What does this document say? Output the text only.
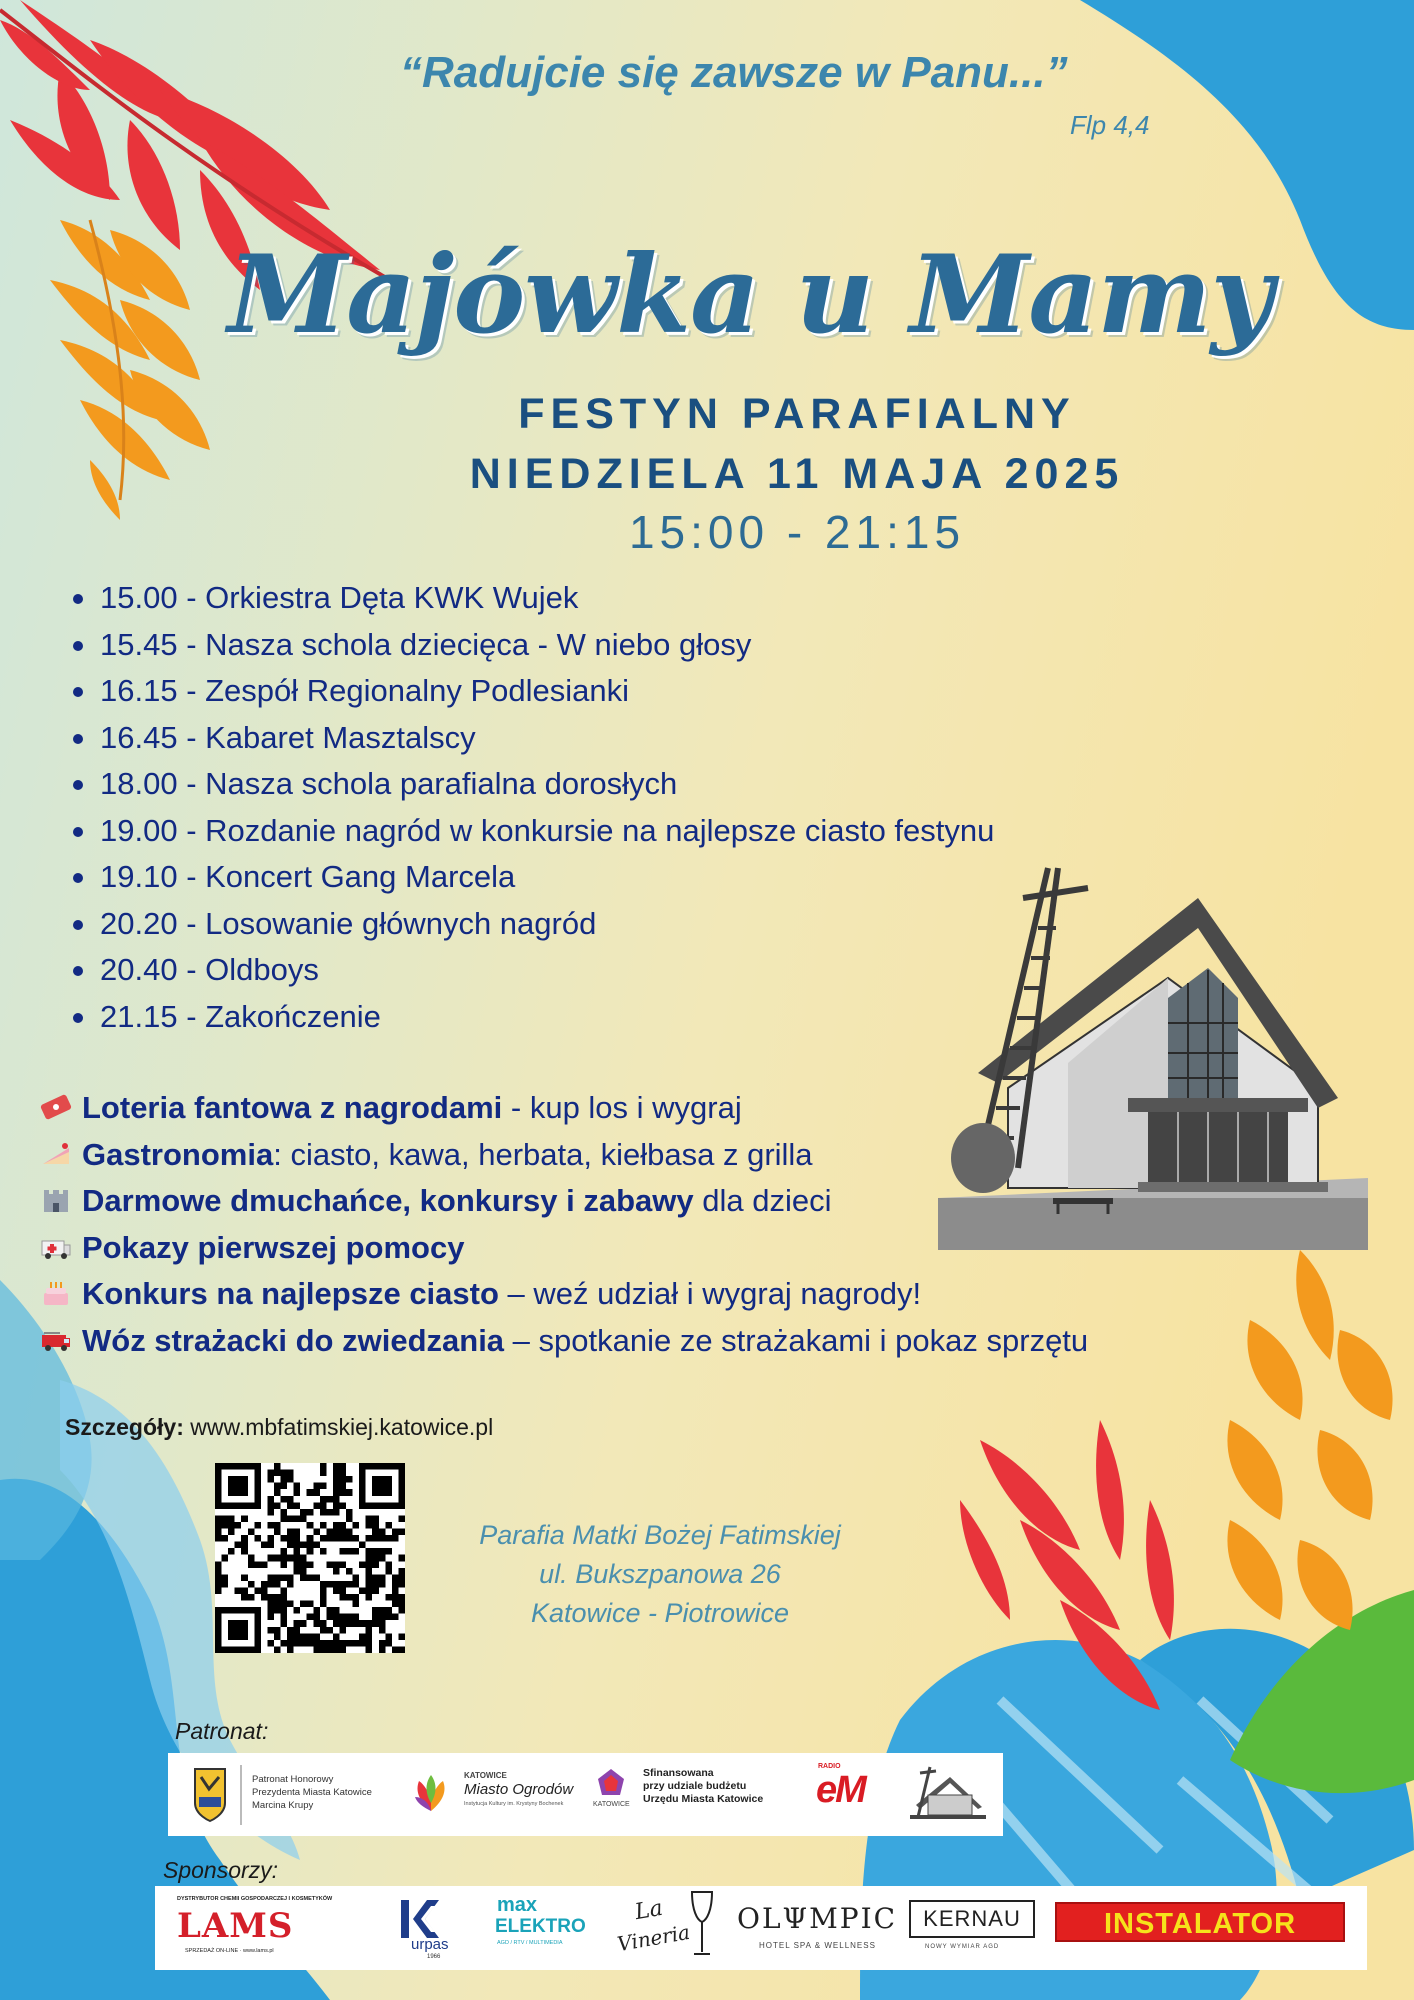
“Radujcie się zawsze w Panu...”
Flp 4,4
Majówka u Mamy
FESTYN PARAFIALNY
NIEDZIELA 11 MAJA 2025
15:00 - 21:15
15.00 - Orkiestra Dęta KWK Wujek
15.45 - Nasza schola dziecięca - W niebo głosy
16.15 - Zespół Regionalny Podlesianki
16.45 - Kabaret Masztalscy
18.00 - Nasza schola parafialna dorosłych
19.00 - Rozdanie nagród w konkursie na najlepsze ciasto festynu
19.10 - Koncert Gang Marcela
20.20 - Losowanie głównych nagród
20.40 - Oldboys
21.15 - Zakończenie
Loteria fantowa z nagrodami - kup los i wygraj
Gastronomia: ciasto, kawa, herbata, kiełbasa z grilla
Darmowe dmuchańce, konkursy i zabawy dla dzieci
Pokazy pierwszej pomocy
Konkurs na najlepsze ciasto – weź udział i wygraj nagrody!
Wóz strażacki do zwiedzania – spotkanie ze strażakami i pokaz sprzętu
Szczegóły: www.mbfatimskiej.katowice.pl
Parafia Matki Bożej Fatimskiej
ul. Bukszpanowa 26
Katowice - Piotrowice
Patronat:
Patronat Honorowy
Prezydenta Miasta Katowice
Marcina Krupy
KATOWICE
Miasto Ogrodów
Instytucja Kultury im. Krystyny Bochenek	KATOWICE
Sfinansowana
przy udziale budżetu
Urzędu Miasta Katowice
RADIO
eM
Sponsorzy:
DYSTRYBUTOR CHEMII GOSPODARCZEJ I KOSMETYKÓW
LAMS
SPRZEDAŻ ON-LINE · www.lams.pl	urpas
1966
max
ELEKTRO
AGD / RTV / MULTIMEDIA
La
Vineria
OLΨMPIC
HOTEL SPA & WELLNESS
KERNAU
NOWY WYMIAR AGD
INSTALATOR
